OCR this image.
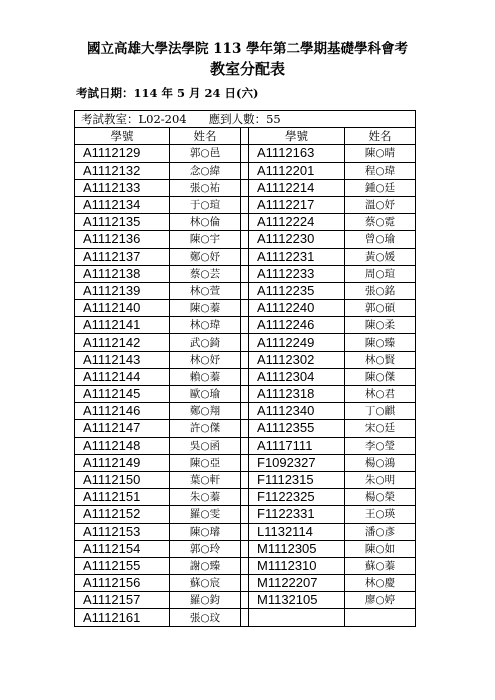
國立高雄大學法學院 113 學年第二學期基礎學科會考
教室分配表
考試日期：114 年 5 月 24 日(六)
考試教室：L02-204 應到人數：55				
學號	姓名		學號	姓名
A1112129	郭○邑		A1112163	陳○晴
A1112132	念○緯		A1112201	程○瑋
A1112133	張○祐		A1112214	鍾○廷
A1112134	于○瑄		A1112217	溫○妤
A1112135	林○倫		A1112224	蔡○霓
A1112136	陳○宇		A1112230	曾○瑜
A1112137	鄭○妤		A1112231	黃○媛
A1112138	蔡○芸		A1112233	周○瑄
A1112139	林○萱		A1112235	張○銘
A1112140	陳○蓁		A1112240	郭○碩
A1112141	林○瑋		A1112246	陳○柔
A1112142	武○錡		A1112249	陳○臻
A1112143	林○妤		A1112302	林○賢
A1112144	賴○蓁		A1112304	陳○傑
A1112145	歐○瑜		A1112318	林○君
A1112146	鄭○翔		A1112340	丁○麒
A1112147	許○傑		A1112355	宋○廷
A1112148	吳○函		A1117111	李○瑩
A1112149	陳○亞		F1092327	楊○鴻
A1112150	葉○軒		F1112315	朱○明
A1112151	朱○蓁		F1122325	楊○榮
A1112152	羅○雯		F1122331	王○瑛
A1112153	陳○璿		L1132114	潘○彥
A1112154	郭○玲		M1112305	陳○如
A1112155	謝○臻		M1112310	蘇○蓁
A1112156	蘇○宸		M1122207	林○慶
A1112157	羅○鈞		M1132105	廖○婷
A1112161	張○玟			
